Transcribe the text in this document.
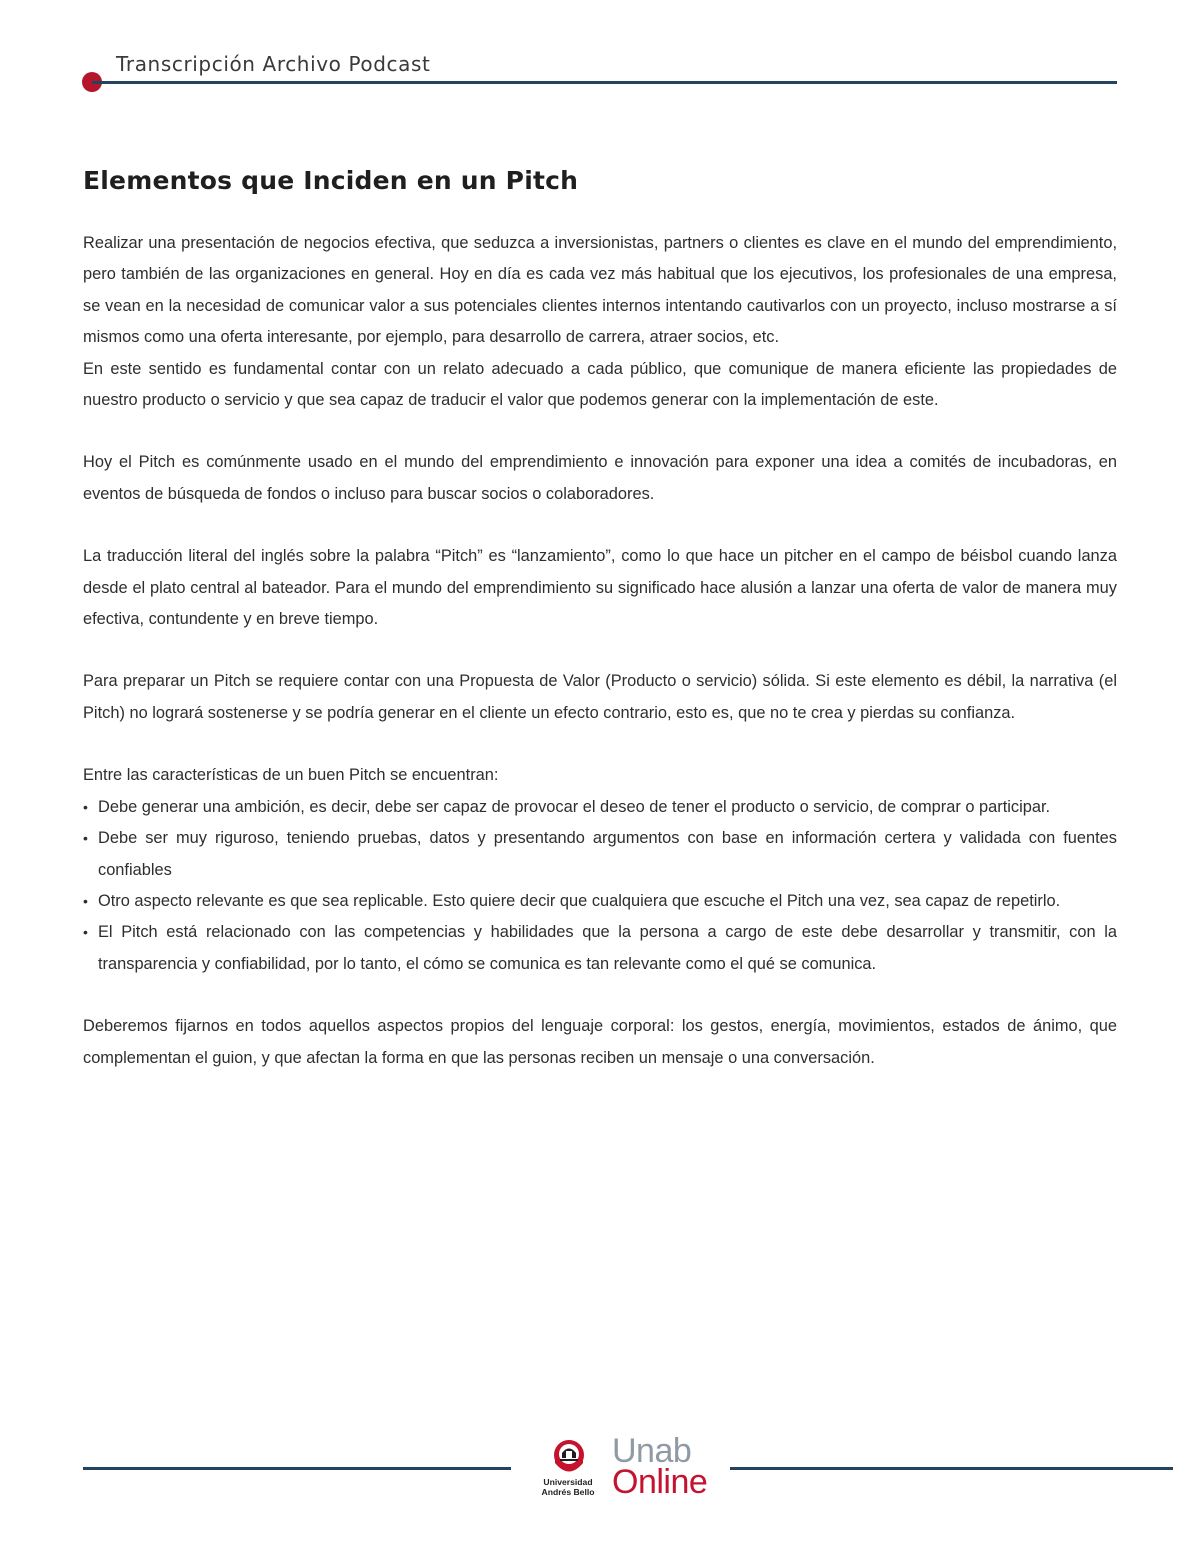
Transcripción Archivo Podcast
Elementos que Inciden en un Pitch

Realizar una presentación de negocios efectiva, que seduzca a inversionistas, partners o clientes es clave en el mundo del emprendimiento, pero también de las organizaciones en general. Hoy en día es cada vez más habitual que los ejecutivos, los profesionales de una empresa, se vean en la necesidad de comunicar valor a sus potenciales clientes internos intentando cautivarlos con un proyecto, incluso mostrarse a sí mismos como una oferta interesante, por ejemplo, para desarrollo de carrera, atraer socios, etc.

En este sentido es fundamental contar con un relato adecuado a cada público, que comunique de manera eficiente las propiedades de nuestro producto o servicio y que sea capaz de traducir el valor que podemos generar con la implementación de este.

Hoy el Pitch es comúnmente usado en el mundo del emprendimiento e innovación para exponer una idea a comités de incubadoras, en eventos de búsqueda de fondos o incluso para buscar socios o colaboradores.

La traducción literal del inglés sobre la palabra “Pitch” es “lanzamiento”, como lo que hace un pitcher en el campo de béisbol cuando lanza desde el plato central al bateador. Para el mundo del emprendimiento su significado hace alusión a lanzar una oferta de valor de manera muy efectiva, contundente y en breve tiempo.

Para preparar un Pitch se requiere contar con una Propuesta de Valor (Producto o servicio) sólida. Si este elemento es débil, la narrativa (el Pitch) no logrará sostenerse y se podría generar en el cliente un efecto contrario, esto es, que no te crea y pierdas su confianza.

Entre las características de un buen Pitch se encuentran:

• Debe generar una ambición, es decir, debe ser capaz de provocar el deseo de tener el producto o servicio, de comprar o participar.
• Debe ser muy riguroso, teniendo pruebas, datos y presentando argumentos con base en información certera y validada con fuentes confiables
• Otro aspecto relevante es que sea replicable. Esto quiere decir que cualquiera que escuche el Pitch una vez, sea capaz de repetirlo.
• El Pitch está relacionado con las competencias y habilidades que la persona a cargo de este debe desarrollar y transmitir, con la transparencia y confiabilidad, por lo tanto, el cómo se comunica es tan relevante como el qué se comunica.

Deberemos fijarnos en todos aquellos aspectos propios del lenguaje corporal: los gestos, energía, movimientos, estados de ánimo, que complementan el guion, y que afectan la forma en que las personas reciben un mensaje o una conversación.

Universidad
Andrés Bello
Unab
Online
